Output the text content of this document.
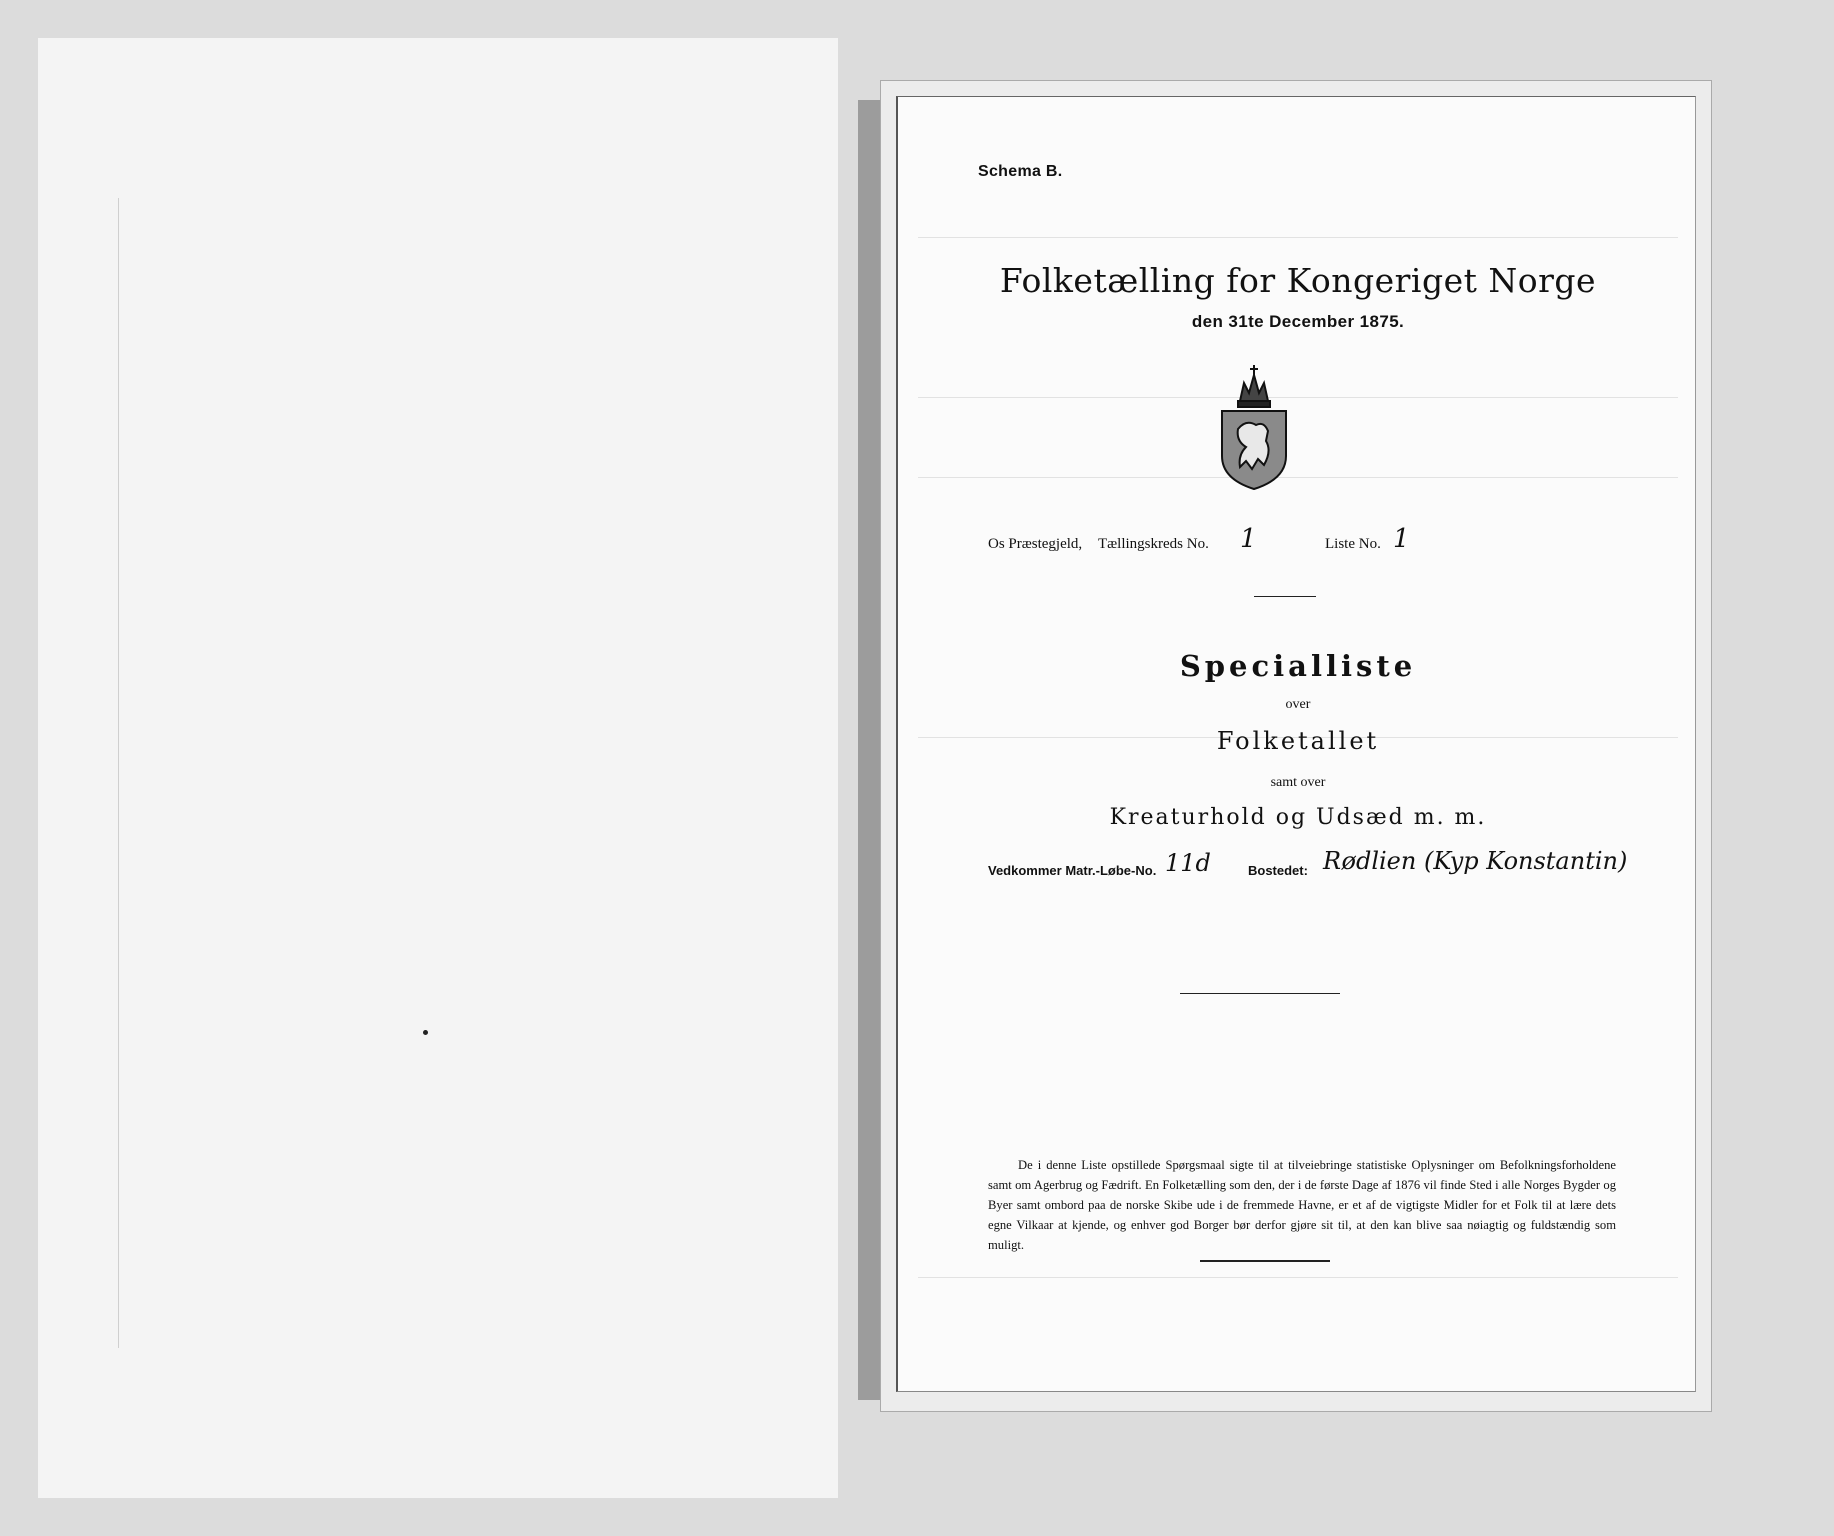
Schema B.
Folketælling for Kongeriget Norge
den 31te December 1875.
Os Præstegjeld, Tællingskreds No. 1	Liste No. 1
Specialliste
over
Folketallet
samt over
Kreaturhold og Udsæd m. m.
Vedkommer Matr.-Løbe-No. 11d	Bostedet: Rødlien (Kyp Konstantin)
De i denne Liste opstillede Spørgsmaal sigte til at tilveiebringe statistiske Oplysninger om Befolkningsforholdene samt om Agerbrug og Fædrift. En Folketælling som den, der i de første Dage af 1876 vil finde Sted i alle Norges Bygder og Byer samt ombord paa de norske Skibe ude i de fremmede Havne, er et af de vigtigste Midler for et Folk til at lære dets egne Vilkaar at kjende, og enhver god Borger bør derfor gjøre sit til, at den kan blive saa nøiagtig og fuldstændig som muligt.
